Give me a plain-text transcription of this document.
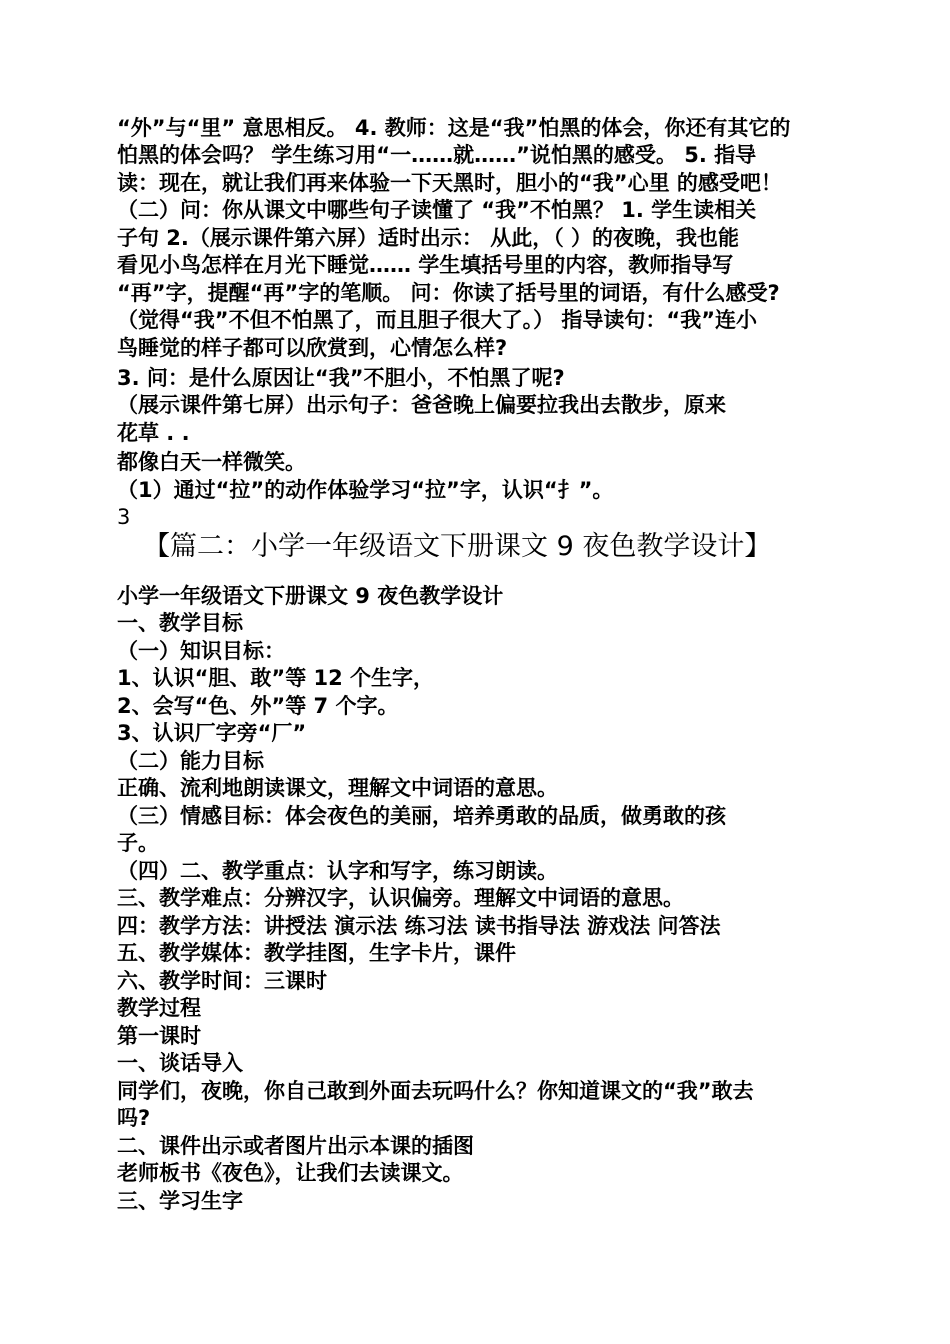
“外”与“里” 意思相反。 4. 教师：这是“我”怕黑的体会，你还有其它的
怕黑的体会吗？ 学生练习用“一……就……”说怕黑的感受。 5. 指导
读：现在，就让我们再来体验一下天黑时，胆小的“我”心里 的感受吧！
（二）问：你从课文中哪些句子读懂了 “我”不怕黑？ 1. 学生读相关
子句 2.（展示课件第六屏）适时出示： 从此，（ ）的夜晚，我也能
看见小鸟怎样在月光下睡觉…… 学生填括号里的内容，教师指导写
“再”字，提醒“再”字的笔顺。 问：你读了括号里的词语，有什么感受?
（觉得“我”不但不怕黑了，而且胆子很大了。） 指导读句：“我”连小
鸟睡觉的样子都可以欣赏到，心情怎么样?
3. 问：是什么原因让“我”不胆小，不怕黑了呢?
（展示课件第七屏）出示句子：爸爸晚上偏要拉我出去散步，原来
花草 . .
都像白天一样微笑。
（1）通过“拉”的动作体验学习“拉”字，认识“扌”。
3
【篇二：小学一年级语文下册课文 9 夜色教学设计】
小学一年级语文下册课文 9 夜色教学设计
一、教学目标
（一）知识目标：
1、认识“胆、敢”等 12 个生字，
2、会写“色、外”等 7 个字。
3、认识厂字旁“厂”
（二）能力目标
正确、流利地朗读课文，理解文中词语的意思。
（三）情感目标：体会夜色的美丽，培养勇敢的品质，做勇敢的孩
子。
（四）二、教学重点：认字和写字，练习朗读。
三、教学难点：分辨汉字，认识偏旁。理解文中词语的意思。
四：教学方法：讲授法 演示法 练习法 读书指导法 游戏法 问答法
五、教学媒体：教学挂图，生字卡片，课件
六、教学时间：三课时
教学过程
第一课时
一、谈话导入
同学们，夜晚，你自己敢到外面去玩吗什么？你知道课文的“我”敢去
吗?
二、课件出示或者图片出示本课的插图
老师板书《夜色》，让我们去读课文。
三、学习生字
